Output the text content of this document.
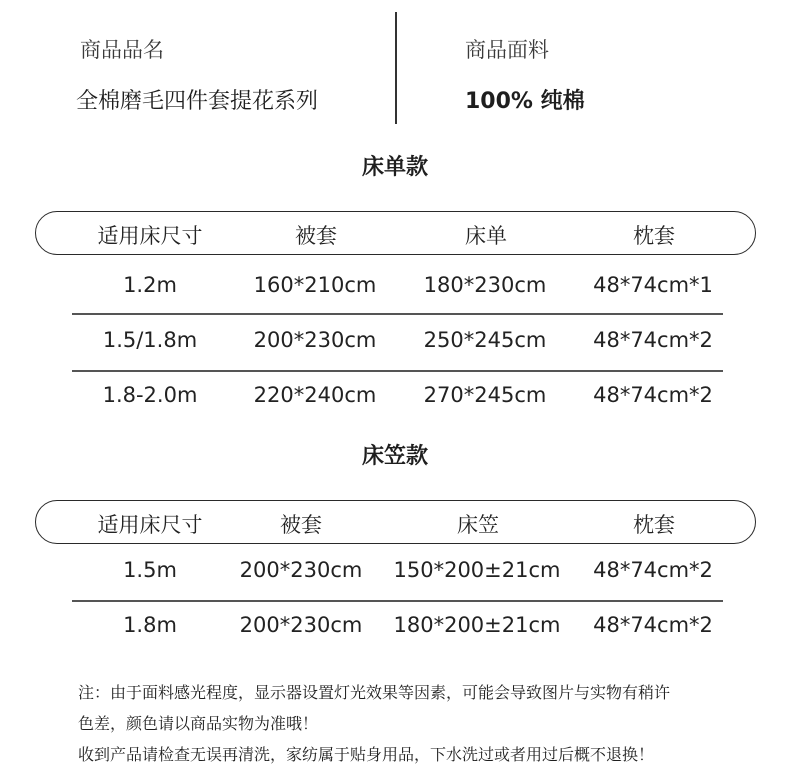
商品品名
全棉磨毛四件套提花系列
商品面料
100% 纯棉
床单款
适用床尺寸	被套	床单	枕套
1.2m	160*210cm	180*230cm	48*74cm*1
1.5/1.8m	200*230cm	250*245cm	48*74cm*2
1.8-2.0m	220*240cm	270*245cm	48*74cm*2
床笠款
适用床尺寸	被套	床笠	枕套
1.5m	200*230cm	150*200±21cm	48*74cm*2
1.8m	200*230cm	180*200±21cm	48*74cm*2
注：由于面料感光程度，显示器设置灯光效果等因素，可能会导致图片与实物有稍许
色差，颜色请以商品实物为准哦！
收到产品请检查无误再清洗，家纺属于贴身用品，下水洗过或者用过后概不退换！
